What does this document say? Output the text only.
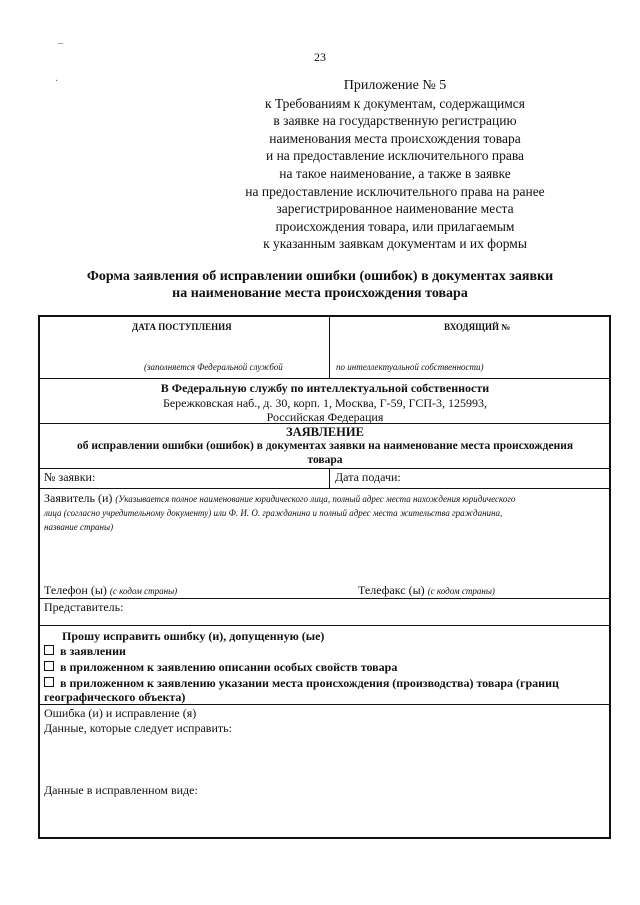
23
–
·	Приложение № 5
к Требованиям к документам, содержащимся
в заявке на государственную регистрацию
наименования места происхождения товара
и на предоставление исключительного права
на такое наименование, а также в заявке
на предоставление исключительного права на ранее
зарегистрированное наименование места
происхождения товара, или прилагаемым
к указанным заявкам документам и их формы
Форма заявления об исправлении ошибки (ошибок) в документах заявки
на наименование места происхождения товара
ДАТА ПОСТУПЛЕНИЯ	ВХОДЯЩИЙ №
(заполняется Федеральной службой	по интеллектуальной собственности)
В Федеральную службу по интеллектуальной собственности
Бережковская наб., д. 30, корп. 1, Москва, Г-59, ГСП-3, 125993,
Российская Федерация
ЗАЯВЛЕНИЕ
об исправлении ошибки (ошибок) в документах заявки на наименование места происхождения
товара
№ заявки:	Дата подачи:
Заявитель (и) (Указывается полное наименование юридического лица, полный адрес места нахождения юридического
лица (согласно учредительному документу) или Ф. И. О. гражданина и полный адрес места жительства гражданина,
название страны)
Телефон (ы) (с кодом страны)	Телефакс (ы) (с кодом страны)
Представитель:
Прошу исправить ошибку (и), допущенную (ые)
в заявлении
в приложенном к заявлению описании особых свойств товара
в приложенном к заявлению указании места происхождения (производства) товара (границ
географического объекта)
Ошибка (и) и исправление (я)
Данные, которые следует исправить:
Данные в исправленном виде:
